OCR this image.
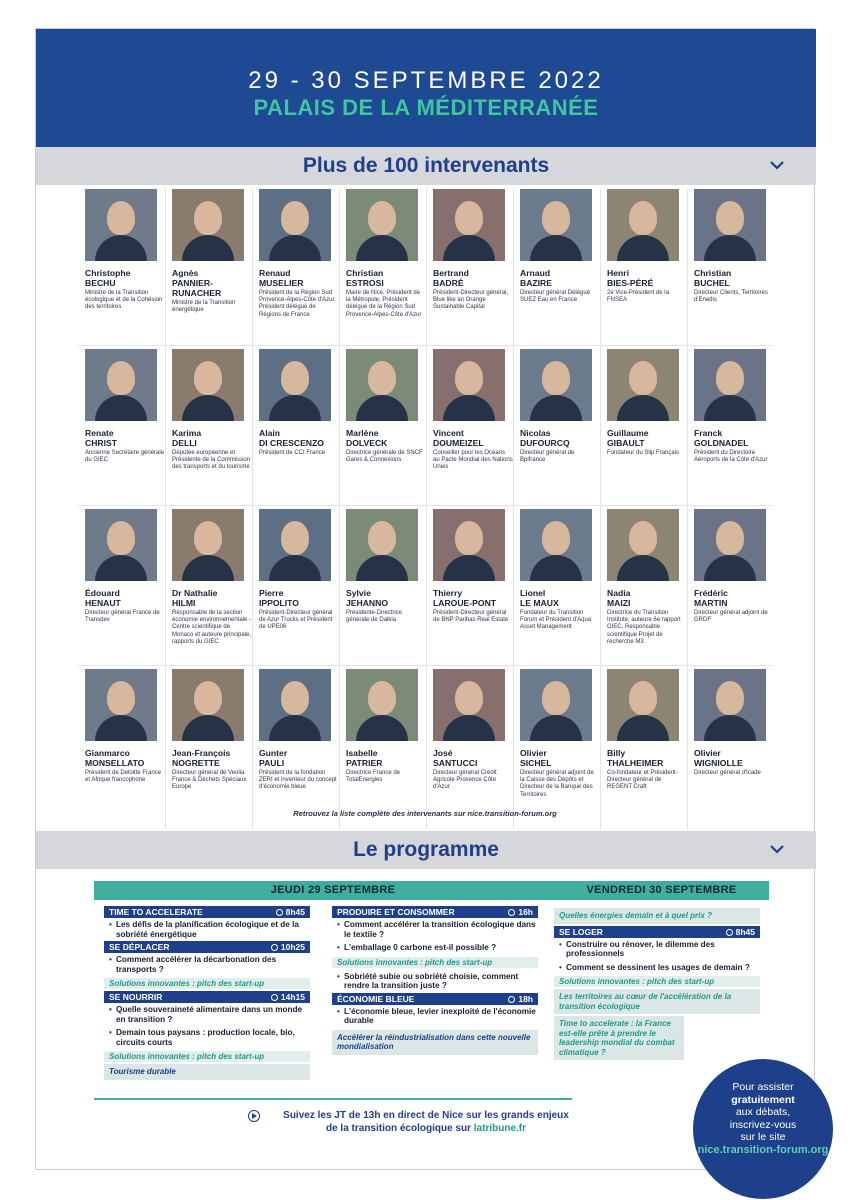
29 - 30 SEPTEMBRE 2022
PALAIS DE LA MÉDITERRANÉE
Plus de 100 intervenants
Christophe
BECHU
Ministre de la Transition écologique et de la Cohésion des territoires
Agnès
PANNIER-RUNACHER
Ministre de la Transition énergétique
Renaud
MUSELIER
Président de la Région Sud Provence-Alpes-Côte d'Azur, Président délégué de Régions de France
Christian
ESTROSI
Maire de Nice, Président de la Métropole, Président délégué de la Région Sud Provence-Alpes-Côte d'Azur
Bertrand
BADRÉ
Président-Directeur général, Blue like an Orange Sustainable Capital
Arnaud
BAZIRE
Directeur général Délégué SUEZ Eau en France
Henri
BIES-PÉRÉ
2e Vice-Président de la FNSEA
Christian
BUCHEL
Directeur Clients, Territoires d'Enedis
Renate
CHRIST
Ancienne Secrétaire générale du GIEC
Karima
DELLI
Députée européenne et Présidente de la Commission des transports et du tourisme
Alain
DI CRESCENZO
Président de CCI France
Marlène
DOLVECK
Directrice générale de SNCF Gares & Connexions
Vincent
DOUMEIZEL
Conseiller pour les Océans au Pacte Mondial des Nations Unies
Nicolas
DUFOURCQ
Directeur général de Bpifrance
Guillaume
GIBAULT
Fondateur du Slip Français
Franck
GOLDNADEL
Président du Directoire Aéroports de la Côte d'Azur
Édouard
HENAUT
Directeur général France de Transdev
Dr Nathalie
HILMI
Responsable de la section économie environnementale - Centre scientifique de Monaco et auteure principale, rapports du GIEC
Pierre
IPPOLITO
Président-Directeur général de Azur Trucks et Président de UPE06
Sylvie
JEHANNO
Présidente-Directrice générale de Dalkia
Thierry
LAROUE-PONT
Président-Directeur général de BNP Paribas Real Estate
Lionel
LE MAUX
Fondateur du Transition Forum et Président d'Aqua Asset Management
Nadia
MAIZI
Directrice du Transition Institute, auteure 6e rapport GIEC, Responsable scientifique Projet de recherche M3
Frédéric
MARTIN
Directeur général adjoint de GRDF
Gianmarco
MONSELLATO
Président de Deloitte France et Afrique francophone
Jean-François
NOGRETTE
Directeur général de Veolia France & Déchets Spéciaux Europe
Gunter
PAULI
Président de la fondation ZERI et inventeur du concept d'économie bleue
Isabelle
PATRIER
Directrice France de TotalEnergies
José
SANTUCCI
Directeur général Crédit Agricole Provence Côte d'Azur
Olivier
SICHEL
Directeur général adjoint de la Caisse des Dépôts et Directeur de la Banque des Territoires
Billy
THALHEIMER
Co-fondateur et Président-Directeur général de REGENT Craft
Olivier
WIGNIOLLE
Directeur général d'Icade
Retrouvez la liste complète des intervenants sur nice.transition-forum.org
Le programme
JEUDI 29 SEPTEMBRE
TIME TO ACCELERATE	8h45
• Les défis de la planification écologique et de la sobriété énergétique
SE DÉPLACER	10h25
• Comment accélérer la décarbonation des transports ?
Solutions innovantes : pitch des start-up
SE NOURRIR	14h15
• Quelle souveraineté alimentaire dans un monde en transition ?
• Demain tous paysans : production locale, bio, circuits courts
Solutions innovantes : pitch des start-up
Tourisme durable
PRODUIRE ET CONSOMMER	16h
• Comment accélérer la transition écologique dans le textile ?
• L'emballage 0 carbone est-il possible ?
Solutions innovantes : pitch des start-up
• Sobriété subie ou sobriété choisie, comment rendre la transition juste ?
ÉCONOMIE BLEUE	18h
• L'économie bleue, levier inexploité de l'économie durable
Accélérer la réindustrialisation dans cette nouvelle mondialisation
VENDREDI 30 SEPTEMBRE
Quelles énergies demain et à quel prix ?
SE LOGER	8h45
• Construire ou rénover, le dilemme des professionnels
• Comment se dessinent les usages de demain ?
Solutions innovantes : pitch des start-up
Les territoires au cœur de l'accélération de la transition écologique
Time to accelerate : la France est-elle prête à prendre le leadership mondial du combat climatique ?
Suivez les JT de 13h en direct de Nice sur les grands enjeux
de la transition écologique sur latribune.fr
Pour assister
gratuitement
aux débats,
inscrivez-vous
sur le site
nice.transition-forum.org
